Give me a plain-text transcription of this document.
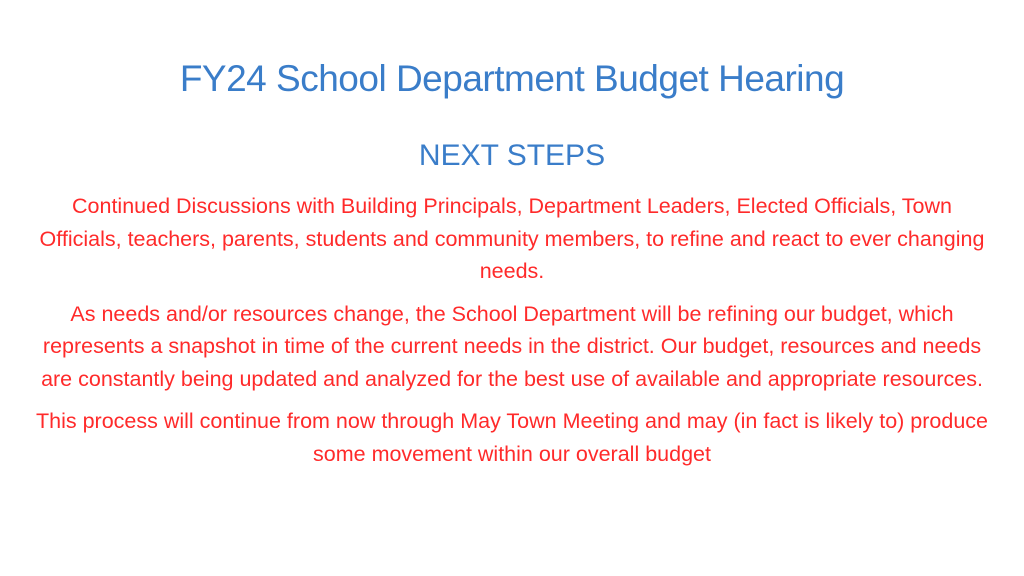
FY24 School Department Budget Hearing
NEXT STEPS

Continued Discussions with Building Principals, Department Leaders, Elected Officials, Town Officials, teachers, parents, students and community members, to refine and react to ever changing needs.

As needs and/or resources change, the School Department will be refining our budget, which represents a snapshot in time of the current needs in the district. Our budget, resources and needs are constantly being updated and analyzed for the best use of available and appropriate resources.

This process will continue from now through May Town Meeting and may (in fact is likely to) produce some movement within our overall budget
